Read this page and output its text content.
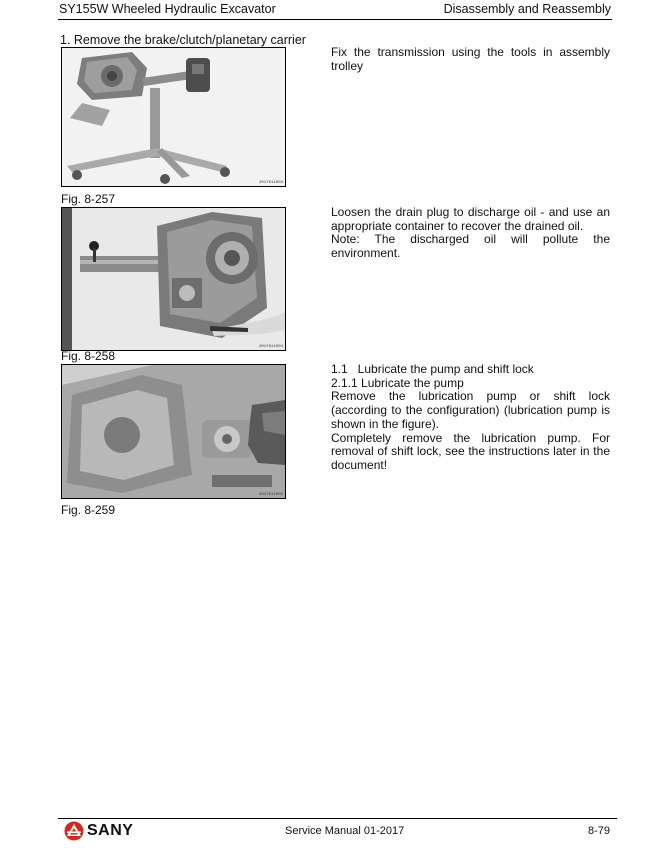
SY155W Wheeled Hydraulic Excavator	Disassembly and Reassembly
1. Remove the brake/clutch/planetary carrier
2017011003
Fig. 8-257
2017011004
Fig. 8-258
2017011005
Fig. 8-259

Fix the transmission using the tools in assembly trolley

Loosen the drain plug to discharge oil - and use an appropriate container to recover the drained oil.

Note: The discharged oil will pollute the environment.

1.1   Lubricate the pump and shift lock

2.1.1 Lubricate the pump

Remove the lubrication pump or shift lock (according to the configuration) (lubrication pump is shown in the figure).

Completely remove the lubrication pump. For removal of shift lock, see the instructions later in the document!

SANY	Service Manual 01-2017	8-79
